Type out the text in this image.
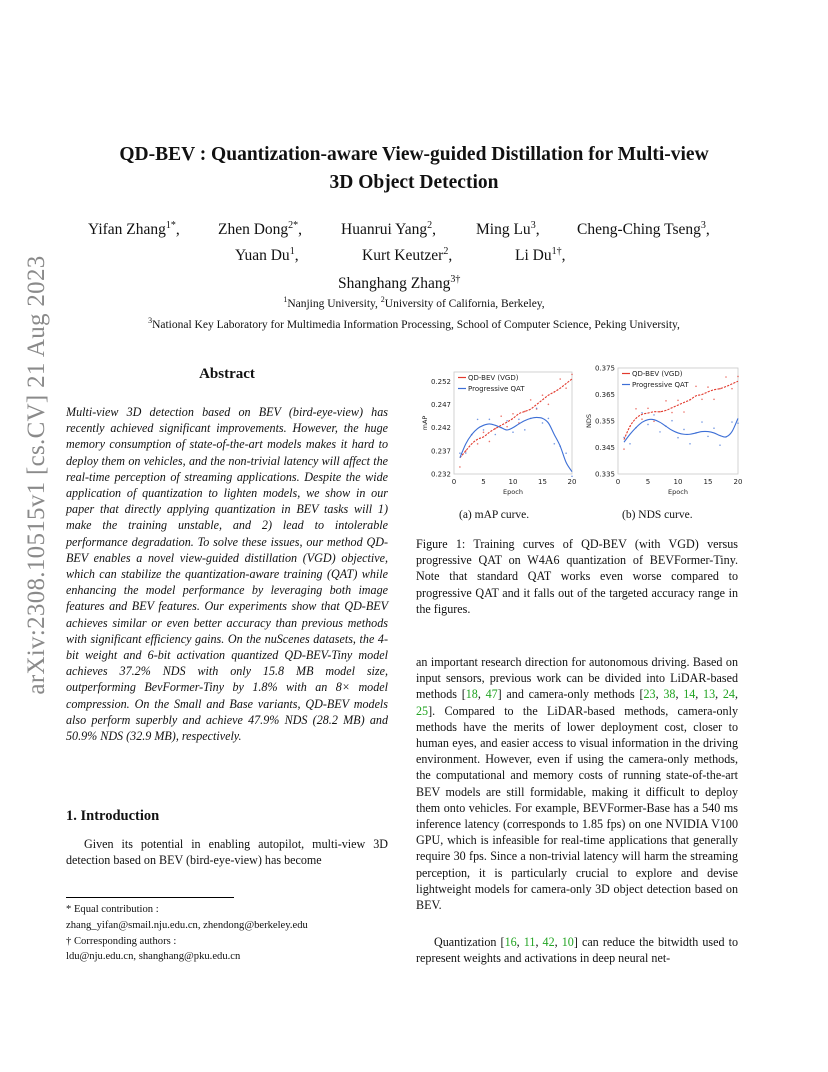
arXiv:2308.10515v1 [cs.CV] 21 Aug 2023
QD-BEV : Quantization-aware View-guided Distillation for Multi-view
3D Object Detection
Yifan Zhang$^{1*}$, Zhen Dong$^{2*}$,	Huanrui Yang$^2$,	Ming Lu$^3$, Cheng-Ching Tseng$^3$,
Yuan Du$^1$,	Kurt Keutzer$^2$,	Li $Du^{1\dagger}$,
Shanghang Zhang$^{3\dagger}$
$^1$Nanjing University, $^2$University of California, Berkeley,
$^3$National Key Laboratory for Multimedia Information Processing, School of Computer Science, Peking University,
Abstract
Multi-view 3D detection based on BEV (bird-eye-view) has recently achieved significant improvements. However, the huge memory consumption of state-of-the-art models makes it hard to deploy them on vehicles, and the non-trivial latency will affect the real-time perception of streaming applications. Despite the wide application of quantization to lighten models, we show in our paper that directly applying quantization in BEV tasks will 1) make the training unstable, and 2) lead to intolerable performance degradation. To solve these issues, our method QD-BEV enables a novel view-guided distillation (VGD) objective, which can stabilize the quantization-aware training (QAT) while enhancing the model performance by leveraging both image features and BEV features. Our experiments show that QD-BEV achieves similar or even better accuracy than previous methods with significant efficiency gains. On the nuScenes datasets, the 4-bit weight and 6-bit activation quantized QD-BEV-Tiny model achieves 37.2% NDS with only 15.8 MB model size, outperforming BevFormer-Tiny by 1.8% with an 8× model compression. On the Small and Base variants, QD-BEV models also perform superbly and achieve 47.9% NDS (28.2 MB) and 50.9% NDS (32.9 MB), respectively.
1. Introduction
Given its potential in enabling autopilot, multi-view 3D detection based on BEV (bird-eye-view) has become
* Equal contribution :
zhang_yifan@smail.nju.edu.cn, zhendong@berkeley.edu
† Corresponding authors :
ldu@nju.edu.cn, shanghang@pku.edu.cn
0.232
0.237
0.242
0.247
0.252
0	5	10	15	20
Epoch
mAP
QD-BEV (VGD)
Progressive QAT
0.335
0.345
0.355
0.365
0.375
0	5	10	15	20
Epoch
NDS
QD-BEV (VGD)
Progressive QAT
(a) mAP curve.	(b) NDS curve.
Figure 1: Training curves of QD-BEV (with VGD) versus progressive QAT on W4A6 quantization of BEVFormer-Tiny. Note that standard QAT works even worse compared to progressive QAT and it falls out of the targeted accuracy range in the figures.
an important research direction for autonomous driving. Based on input sensors, previous work can be divided into LiDAR-based methods [18, 47] and camera-only methods [23, 38, 14, 13, 24, 25]. Compared to the LiDAR-based methods, camera-only methods have the merits of lower deployment cost, closer to human eyes, and easier access to visual information in the driving environment. However, even if using the camera-only methods, the computational and memory costs of running state-of-the-art BEV models are still formidable, making it difficult to deploy them onto vehicles. For example, BEVFormer-Base has a 540 ms inference latency (corresponds to 1.85 fps) on one NVIDIA V100 GPU, which is infeasible for real-time applications that generally require 30 fps. Since a non-trivial latency will harm the streaming perception, it is particularly crucial to explore and devise lightweight models for camera-only 3D object detection based on BEV.
Quantization [16, 11, 42, 10] can reduce the bitwidth used to represent weights and activations in deep neural net-
